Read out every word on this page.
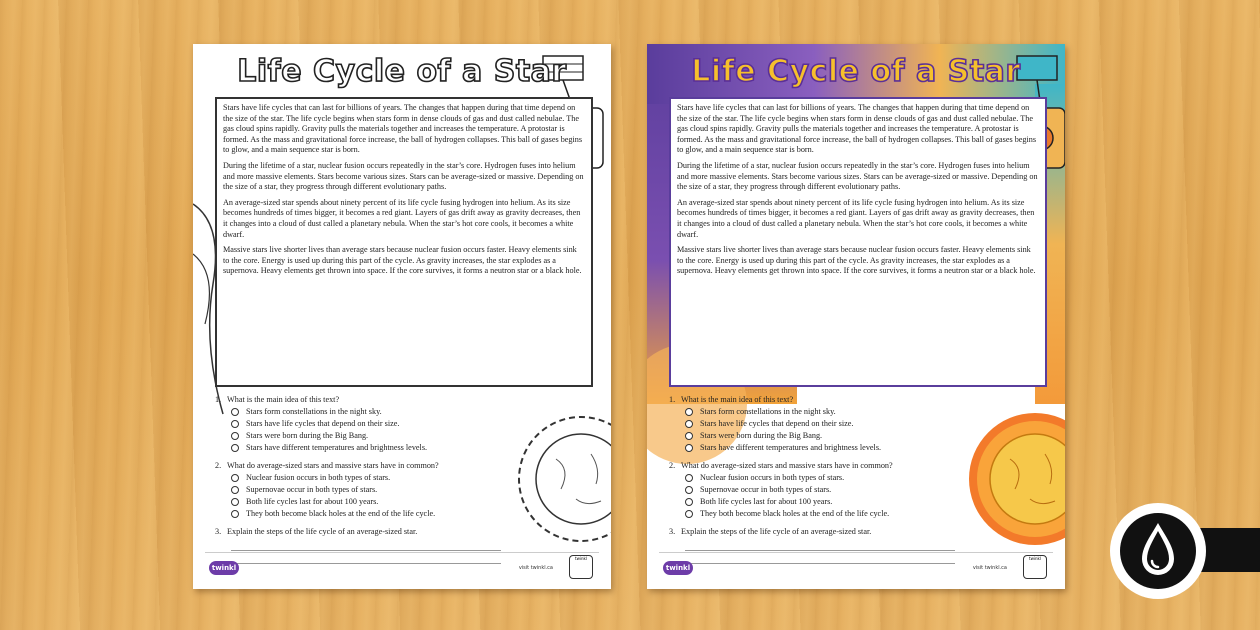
Life Cycle of a Star

Stars have life cycles that can last for billions of years. The changes that happen during that time depend on the size of the star. The life cycle begins when stars form in dense clouds of gas and dust called nebulae. The gas cloud spins rapidly. Gravity pulls the materials together and increases the temperature. A protostar is formed. As the mass and gravitational force increase, the ball of hydrogen collapses. This ball of gases begins to glow, and a main sequence star is born.

During the lifetime of a star, nuclear fusion occurs repeatedly in the star’s core. Hydrogen fuses into helium and more massive elements. Stars become various sizes. Stars can be average-sized or massive. Depending on the size of a star, they progress through different evolutionary paths.

An average-sized star spends about ninety percent of its life cycle fusing hydrogen into helium. As its size becomes hundreds of times bigger, it becomes a red giant. Layers of gas drift away as gravity decreases, then it changes into a cloud of dust called a planetary nebula. When the star’s hot core cools, it becomes a white dwarf.

Massive stars live shorter lives than average stars because nuclear fusion occurs faster. Heavy elements sink to the core. Energy is used up during this part of the cycle. As gravity increases, the star explodes as a supernova. Heavy elements get thrown into space. If the core survives, it forms a neutron star or a black hole.

1. What is the main idea of this text?
Stars form constellations in the night sky.
Stars have life cycles that depend on their size.
Stars were born during the Big Bang.
Stars have different temperatures and brightness levels.
2. What do average-sized stars and massive stars have in common?
Nuclear fusion occurs in both types of stars.
Supernovae occur in both types of stars.
Both life cycles last for about 100 years.
They both become black holes at the end of the life cycle.
3. Explain the steps of the life cycle of an average-sized star.
twinkl	visit twinkl.ca
twinkl
Life Cycle of a Star

Stars have life cycles that can last for billions of years. The changes that happen during that time depend on the size of the star. The life cycle begins when stars form in dense clouds of gas and dust called nebulae. The gas cloud spins rapidly. Gravity pulls the materials together and increases the temperature. A protostar is formed. As the mass and gravitational force increase, the ball of hydrogen collapses. This ball of gases begins to glow, and a main sequence star is born.

During the lifetime of a star, nuclear fusion occurs repeatedly in the star’s core. Hydrogen fuses into helium and more massive elements. Stars become various sizes. Stars can be average-sized or massive. Depending on the size of a star, they progress through different evolutionary paths.

An average-sized star spends about ninety percent of its life cycle fusing hydrogen into helium. As its size becomes hundreds of times bigger, it becomes a red giant. Layers of gas drift away as gravity decreases, then it changes into a cloud of dust called a planetary nebula. When the star’s hot core cools, it becomes a white dwarf.

Massive stars live shorter lives than average stars because nuclear fusion occurs faster. Heavy elements sink to the core. Energy is used up during this part of the cycle. As gravity increases, the star explodes as a supernova. Heavy elements get thrown into space. If the core survives, it forms a neutron star or a black hole.

1. What is the main idea of this text?
Stars form constellations in the night sky.
Stars have life cycles that depend on their size.
Stars were born during the Big Bang.
Stars have different temperatures and brightness levels.
2. What do average-sized stars and massive stars have in common?
Nuclear fusion occurs in both types of stars.
Supernovae occur in both types of stars.
Both life cycles last for about 100 years.
They both become black holes at the end of the life cycle.
3. Explain the steps of the life cycle of an average-sized star.
twinkl	visit twinkl.ca
twinkl
